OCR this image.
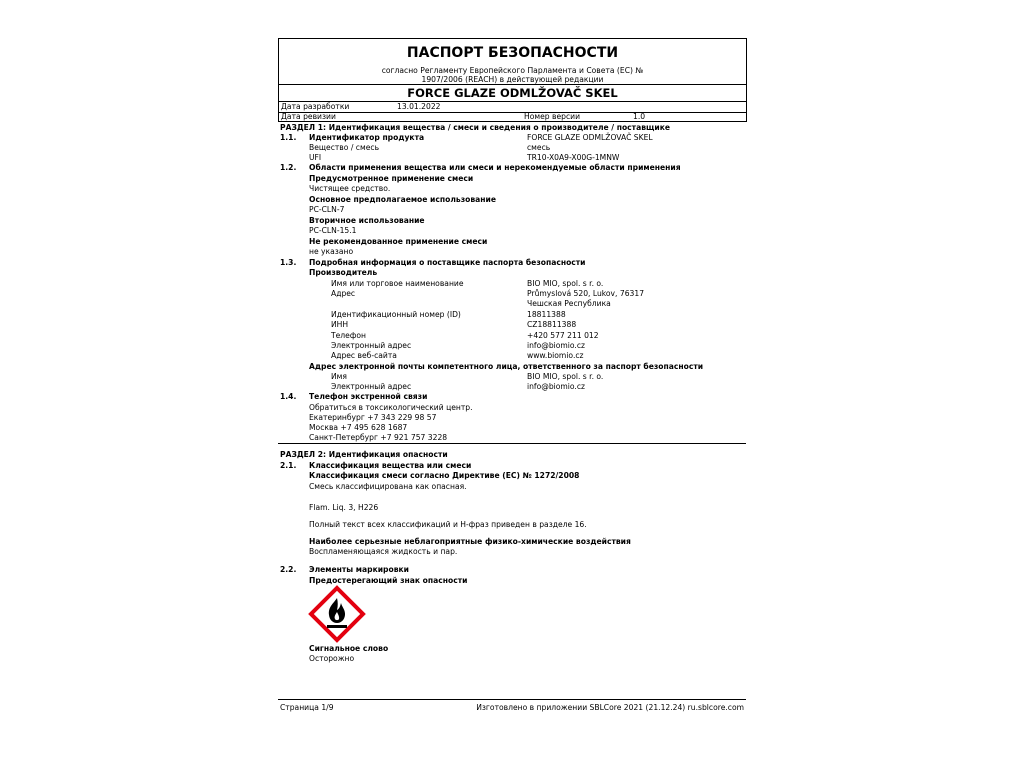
ПАСПОРТ БЕЗОПАСНОСТИ
согласно Регламенту Европейского Парламента и Совета (ЕС) №
1907/2006 (REACH) в действующей редакции
FORCE GLAZE ODMLŽOVAČ SKEL
Дата разработки	13.01.2022
Дата ревизии	Номер версии	1.0
РАЗДЕЛ 1: Идентификация вещества / смеси и сведения о производителе / поставщике
1.1. Идентификатор продукта	FORCE GLAZE ODMLŽOVAČ SKEL
Вещество / смесь	смесь
UFI	TR10-X0A9-X00G-1MNW
1.2. Области применения вещества или смеси и нерекомендуемые области применения
Предусмотренное применение смеси
Чистящее средство.
Основное предполагаемое использование
PC-CLN-7
Вторичное использование
PC-CLN-15.1
Не рекомендованное применение смеси
не указано
1.3. Подробная информация о поставщике паспорта безопасности
Производитель
Имя или торговое наименование	BIO MIO, spol. s r. o.
Адрес	Průmyslová 520, Lukov, 76317
Чешская Республика
Идентификационный номер (ID)	18811388
ИНН	CZ18811388
Телефон	+420 577 211 012
Электронный адрес	info@biomio.cz
Адрес веб-сайта	www.biomio.cz
Адрес электронной почты компетентного лица, ответственного за паспорт безопасности
Имя	BIO MIO, spol. s r. o.
Электронный адрес	info@biomio.cz
1.4. Телефон экстренной связи
Обратиться в токсикологический центр.
Екатеринбург +7 343 229 98 57
Москва +7 495 628 1687
Санкт-Петербург +7 921 757 3228
РАЗДЕЛ 2: Идентификация опасности
2.1. Классификация вещества или смеси
Классификация смеси согласно Директиве (ЕС) № 1272/2008
Смесь классифицирована как опасная.
Flam. Liq. 3, H226
Полный текст всех классификаций и H-фраз приведен в разделе 16.
Наиболее серьезные неблагоприятные физико-химические воздействия
Воспламеняющаяся жидкость и пар.
2.2. Элементы маркировки
Предостерегающий знак опасности
Сигнальное слово
Осторожно
Страница 1/9	Изготовлено в приложении SBLCore 2021 (21.12.24) ru.sblcore.com
